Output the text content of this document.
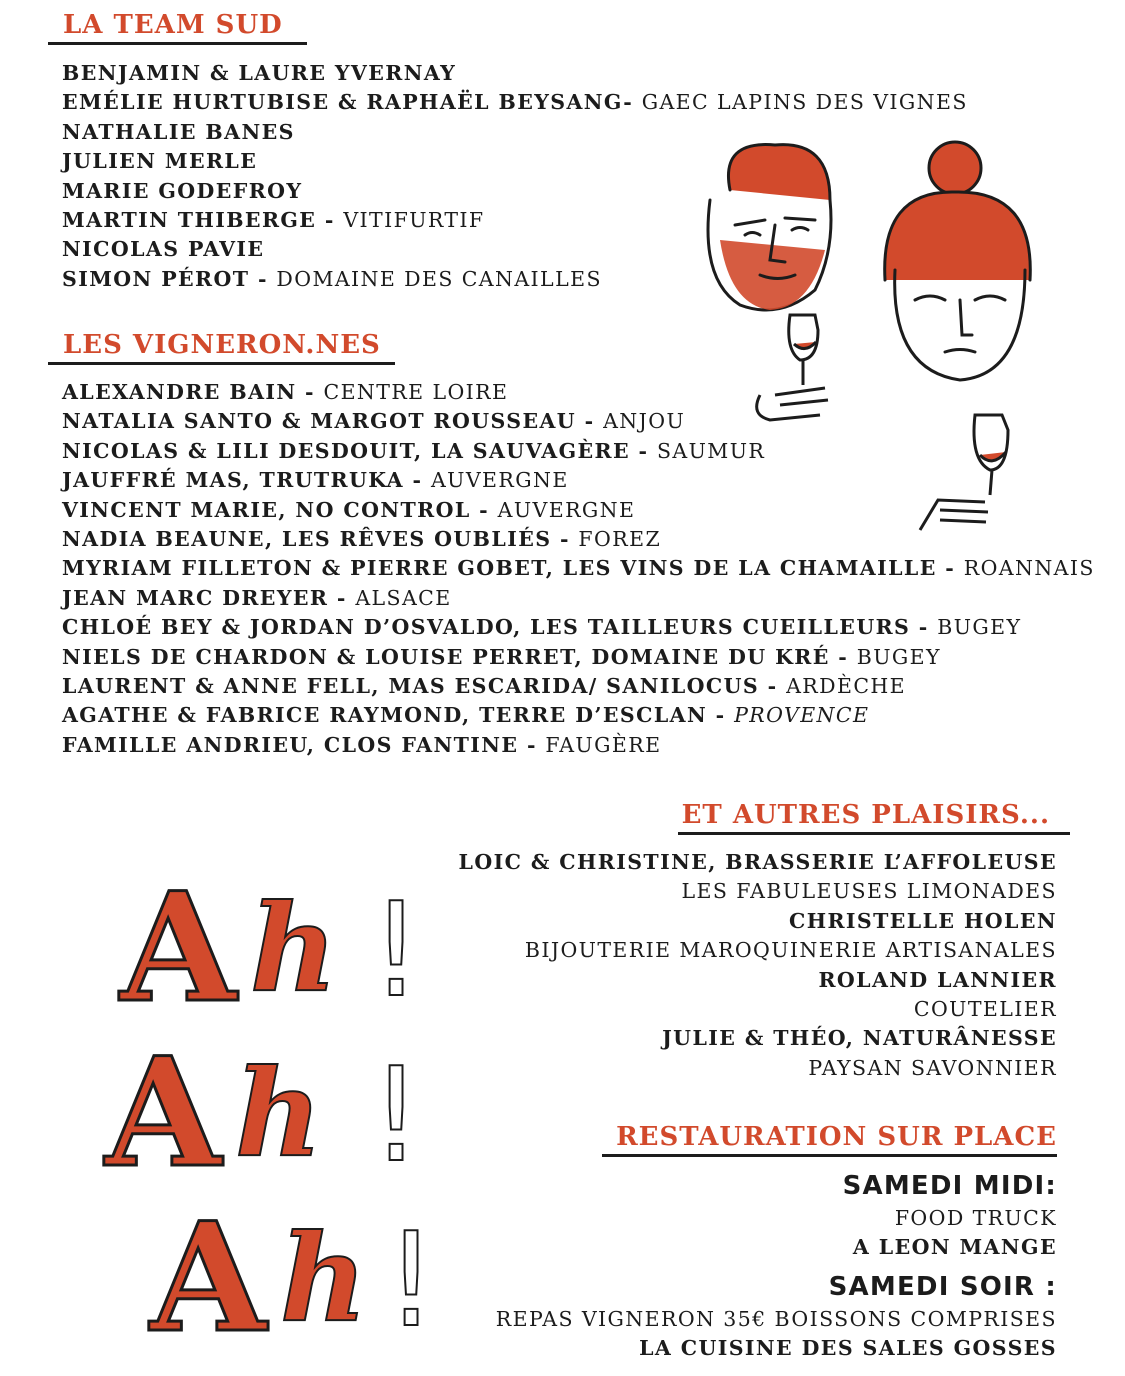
LA TEAM SUD
BENJAMIN & LAURE YVERNAY
EMÉLIE HURTUBISE & RAPHAËL BEYSANG- GAEC LAPINS DES VIGNES
NATHALIE BANES
JULIEN MERLE
MARIE GODEFROY
MARTIN THIBERGE - VITIFURTIF
NICOLAS PAVIE
SIMON PÉROT - DOMAINE DES CANAILLES
LES VIGNERON.NES
ALEXANDRE BAIN - CENTRE LOIRE
NATALIA SANTO & MARGOT ROUSSEAU - ANJOU
NICOLAS & LILI DESDOUIT, LA SAUVAGÈRE - SAUMUR
JAUFFRÉ MAS, TRUTRUKA - AUVERGNE
VINCENT MARIE, NO CONTROL - AUVERGNE
NADIA BEAUNE, LES RÊVES OUBLIÉS - FOREZ
MYRIAM FILLETON & PIERRE GOBET, LES VINS DE LA CHAMAILLE - ROANNAIS
JEAN MARC DREYER - ALSACE
CHLOÉ BEY & JORDAN D’OSVALDO, LES TAILLEURS CUEILLEURS - BUGEY
NIELS DE CHARDON & LOUISE PERRET, DOMAINE DU KRÉ - BUGEY
LAURENT & ANNE FELL, MAS ESCARIDA/ SANILOCUS - ARDÈCHE
AGATHE & FABRICE RAYMOND, TERRE D’ESCLAN - PROVENCE
FAMILLE ANDRIEU, CLOS FANTINE - FAUGÈRE
ET AUTRES PLAISIRS...
LOIC & CHRISTINE, BRASSERIE L’AFFOLEUSE
LES FABULEUSES LIMONADES
CHRISTELLE HOLEN
BIJOUTERIE MAROQUINERIE ARTISANALES
ROLAND LANNIER
COUTELIER
JULIE & THÉO, NATURÂNESSE
PAYSAN SAVONNIER
RESTAURATION SUR PLACE
SAMEDI MIDI:
FOOD TRUCK
A LEON MANGE
SAMEDI SOIR :
REPAS VIGNERON 35€ BOISSONS COMPRISES
LA CUISINE DES SALES GOSSES
A h !
A h !
A h !
